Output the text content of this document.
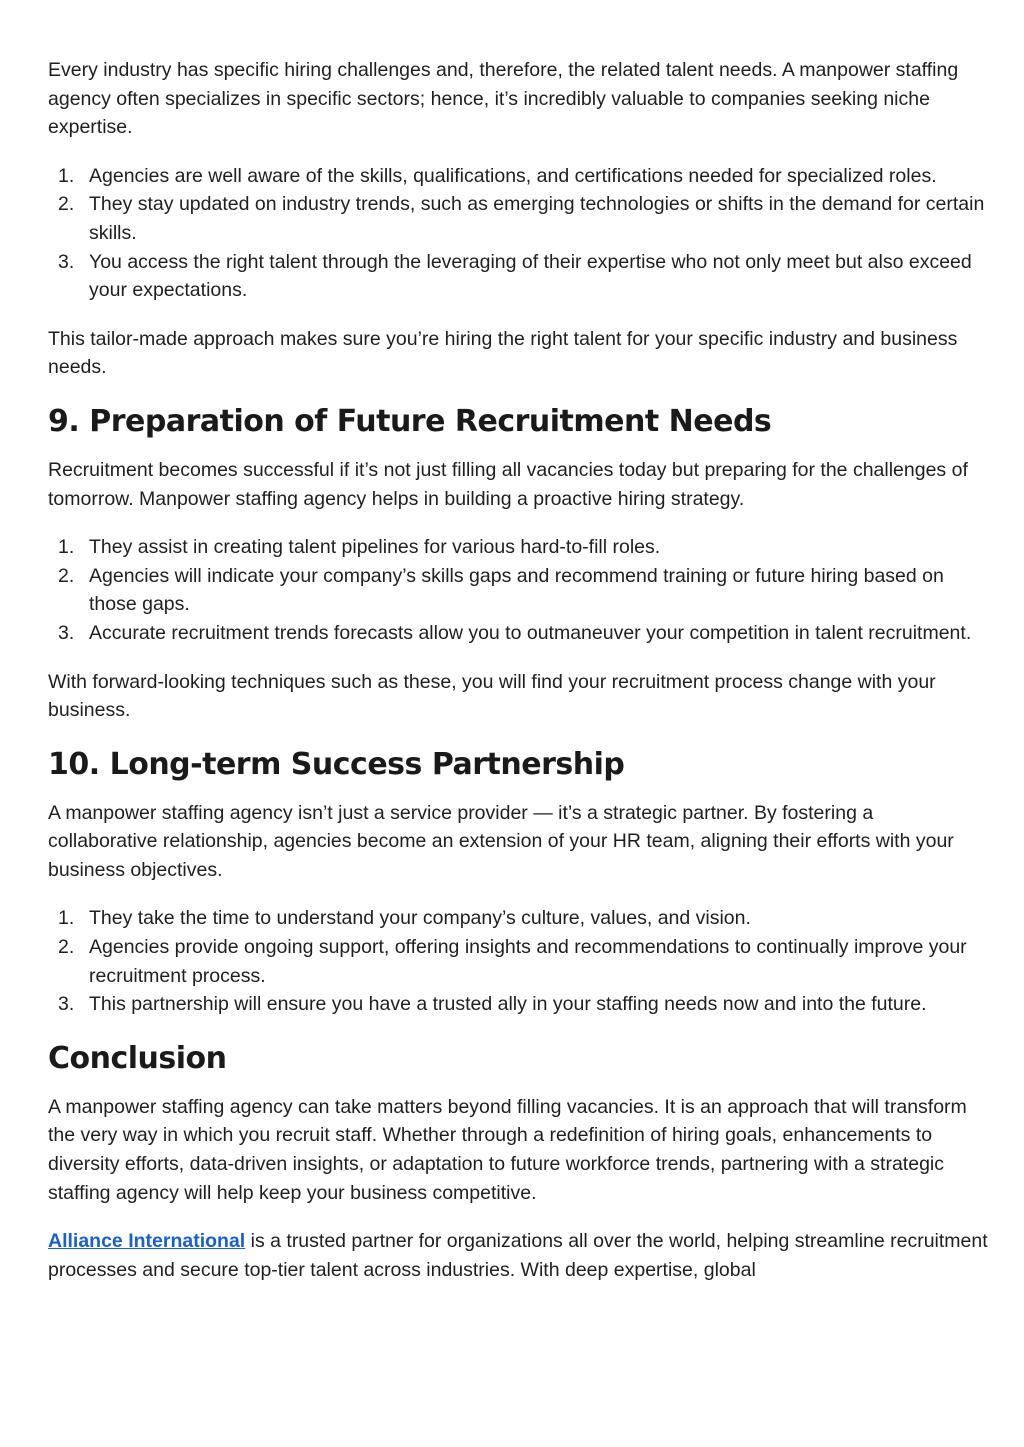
Every industry has specific hiring challenges and, therefore, the related talent needs. A manpower staffing agency often specializes in specific sectors; hence, it’s incredibly valuable to companies seeking niche expertise.

1. Agencies are well aware of the skills, qualifications, and certifications needed for specialized roles.
2. They stay updated on industry trends, such as emerging technologies or shifts in the demand for certain skills.
3. You access the right talent through the leveraging of their expertise who not only meet but also exceed your expectations.

This tailor-made approach makes sure you’re hiring the right talent for your specific industry and business needs.

9. Preparation of Future Recruitment Needs

Recruitment becomes successful if it’s not just filling all vacancies today but preparing for the challenges of tomorrow. Manpower staffing agency helps in building a proactive hiring strategy.

1. They assist in creating talent pipelines for various hard-to-fill roles.
2. Agencies will indicate your company’s skills gaps and recommend training or future hiring based on those gaps.
3. Accurate recruitment trends forecasts allow you to outmaneuver your competition in talent recruitment.

With forward-looking techniques such as these, you will find your recruitment process change with your business.

10. Long-term Success Partnership

A manpower staffing agency isn’t just a service provider — it’s a strategic partner. By fostering a collaborative relationship, agencies become an extension of your HR team, aligning their efforts with your business objectives.

1. They take the time to understand your company’s culture, values, and vision.
2. Agencies provide ongoing support, offering insights and recommendations to continually improve your recruitment process.
3. This partnership will ensure you have a trusted ally in your staffing needs now and into the future.
Conclusion

A manpower staffing agency can take matters beyond filling vacancies. It is an approach that will transform the very way in which you recruit staff. Whether through a redefinition of hiring goals, enhancements to diversity efforts, data-driven insights, or adaptation to future workforce trends, partnering with a strategic staffing agency will help keep your business competitive.

Alliance International is a trusted partner for organizations all over the world, helping streamline recruitment processes and secure top-tier talent across industries. With deep expertise, global
